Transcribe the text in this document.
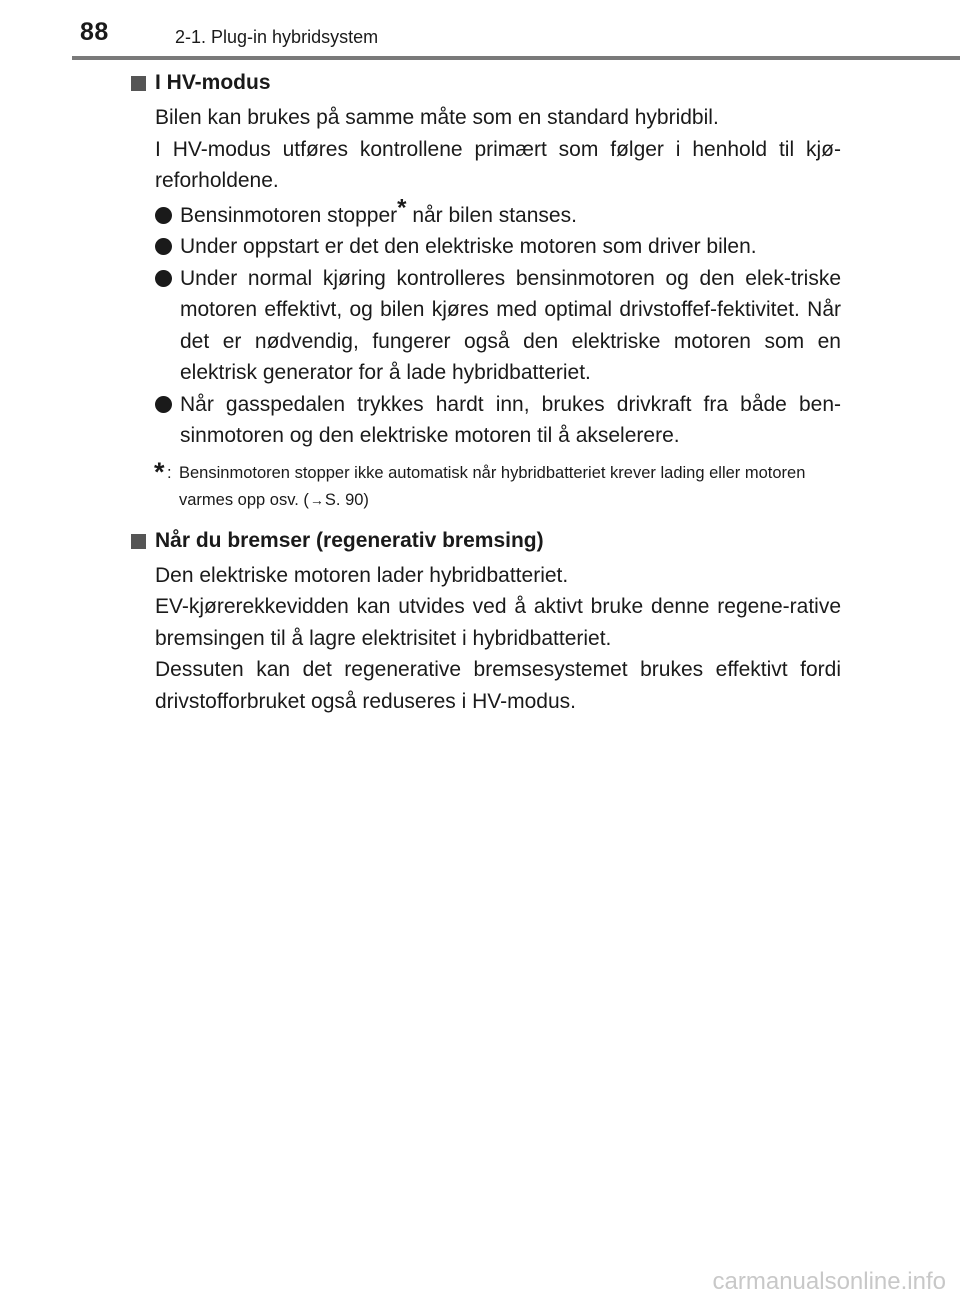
88	2-1. Plug-in hybridsystem
I HV-modus

Bilen kan brukes på samme måte som en standard hybridbil.

I HV-modus utføres kontrollene primært som følger i henhold til kjø-reforholdene.

Bensinmotoren stopper* når bilen stanses.

Under oppstart er det den elektriske motoren som driver bilen.

Under normal kjøring kontrolleres bensinmotoren og den elek-triske motoren effektivt, og bilen kjøres med optimal drivstoffef-fektivitet. Når det er nødvendig, fungerer også den elektriske motoren som en elektrisk generator for å lade hybridbatteriet.

Når gasspedalen trykkes hardt inn, brukes drivkraft fra både ben-sinmotoren og den elektriske motoren til å akselerere.

* : Bensinmotoren stopper ikke automatisk når hybridbatteriet krever lading eller motoren varmes opp osv. (→S. 90)

Når du bremser (regenerativ bremsing)

Den elektriske motoren lader hybridbatteriet.

EV-kjørerekkevidden kan utvides ved å aktivt bruke denne regene-rative bremsingen til å lagre elektrisitet i hybridbatteriet.

Dessuten kan det regenerative bremsesystemet brukes effektivt fordi drivstofforbruket også reduseres i HV-modus.

carmanualsonline.info
